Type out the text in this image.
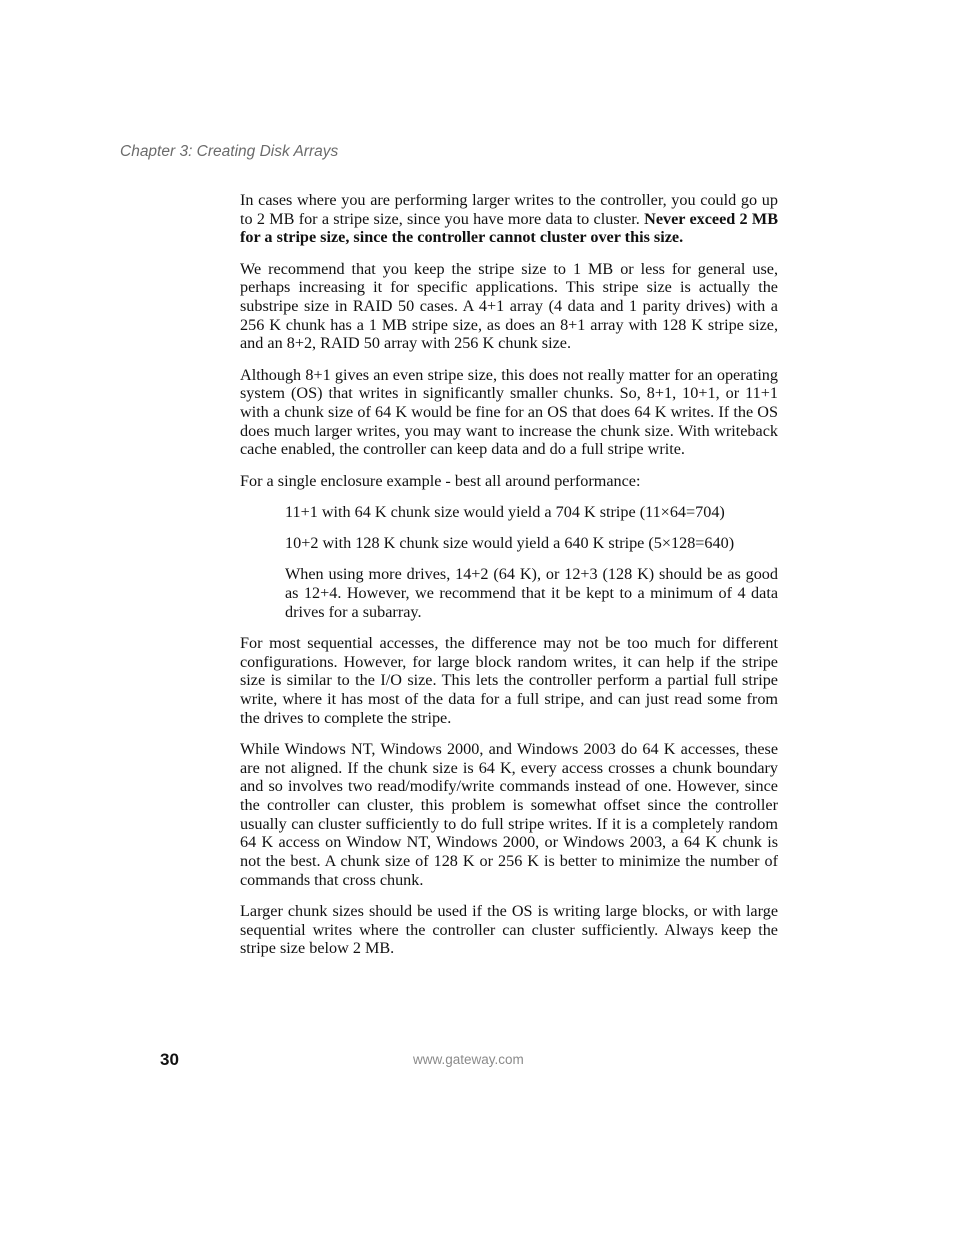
Chapter 3: Creating Disk Arrays

In cases where you are performing larger writes to the controller, you could go up to 2 MB for a stripe size, since you have more data to cluster. Never exceed 2 MB for a stripe size, since the controller cannot cluster over this size.

We recommend that you keep the stripe size to 1 MB or less for general use, perhaps increasing it for specific applications. This stripe size is actually the substripe size in RAID 50 cases. A 4+1 array (4 data and 1 parity drives) with a 256 K chunk has a 1 MB stripe size, as does an 8+1 array with 128 K stripe size, and an 8+2, RAID 50 array with 256 K chunk size.

Although 8+1 gives an even stripe size, this does not really matter for an operating system (OS) that writes in significantly smaller chunks. So, 8+1, 10+1, or 11+1 with a chunk size of 64 K would be fine for an OS that does 64 K writes. If the OS does much larger writes, you may want to increase the chunk size. With writeback cache enabled, the controller can keep data and do a full stripe write.

For a single enclosure example - best all around performance:

11+1 with 64 K chunk size would yield a 704 K stripe (11×64=704)

10+2 with 128 K chunk size would yield a 640 K stripe (5×128=640)

When using more drives, 14+2 (64 K), or 12+3 (128 K) should be as good as 12+4. However, we recommend that it be kept to a minimum of 4 data drives for a subarray.

For most sequential accesses, the difference may not be too much for different configurations. However, for large block random writes, it can help if the stripe size is similar to the I/O size. This lets the controller perform a partial full stripe write, where it has most of the data for a full stripe, and can just read some from the drives to complete the stripe.

While Windows NT, Windows 2000, and Windows 2003 do 64 K accesses, these are not aligned. If the chunk size is 64 K, every access crosses a chunk boundary and so involves two read/modify/write commands instead of one. However, since the controller can cluster, this problem is somewhat offset since the controller usually can cluster sufficiently to do full stripe writes. If it is a completely random 64 K access on Window NT, Windows 2000, or Windows 2003, a 64 K chunk is not the best. A chunk size of 128 K or 256 K is better to minimize the number of commands that cross chunk.

Larger chunk sizes should be used if the OS is writing large blocks, or with large sequential writes where the controller can cluster sufficiently. Always keep the stripe size below 2 MB.

30	www.gateway.com
